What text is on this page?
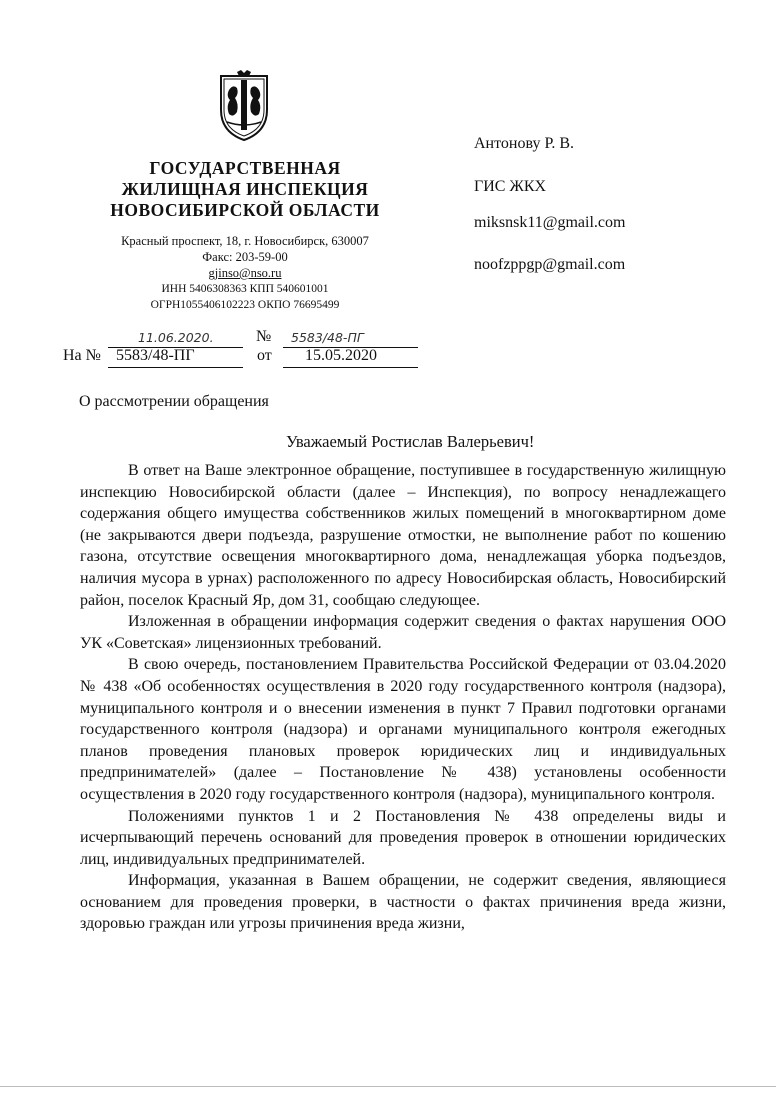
ГОСУДАРСТВЕННАЯ
ЖИЛИЩНАЯ ИНСПЕКЦИЯ
НОВОСИБИРСКОЙ ОБЛАСТИ
Красный проспект, 18, г. Новосибирск, 630007
Факс: 203-59-00
gjinso@nso.ru
ИНН 5406308363 КПП 540601001
ОГРН1055406102223 ОКПО 76695499
Антонову Р. В.
ГИС ЖКХ
miksnsk11@gmail.com
noofzppgp@gmail.com
11.06.2020.	№ 5583/48-ПГ
На № 5583/48-ПГ	от 15.05.2020
О рассмотрении обращения
Уважаемый Ростислав Валерьевич!

В ответ на Ваше электронное обращение, поступившее в государственную жилищную инспекцию Новосибирской области (далее – Инспекция), по вопросу ненадлежащего содержания общего имущества собственников жилых помещений в многоквартирном доме (не закрываются двери подъезда, разрушение отмостки, не выполнение работ по кошению газона, отсутствие освещения многоквартирного дома, ненадлежащая уборка подъездов, наличия мусора в урнах) расположенного по адресу Новосибирская область, Новосибирский район, поселок Красный Яр, дом 31, сообщаю следующее.

Изложенная в обращении информация содержит сведения о фактах нарушения ООО УК «Советская» лицензионных требований.

В свою очередь, постановлением Правительства Российской Федерации от 03.04.2020 № 438 «Об особенностях осуществления в 2020 году государственного контроля (надзора), муниципального контроля и о внесении изменения в пункт 7 Правил подготовки органами государственного контроля (надзора) и органами муниципального контроля ежегодных планов проведения плановых проверок юридических лиц и индивидуальных предпринимателей» (далее – Постановление № 438) установлены особенности осуществления в 2020 году государственного контроля (надзора), муниципального контроля.

Положениями пунктов 1 и 2 Постановления № 438 определены виды и исчерпывающий перечень оснований для проведения проверок в отношении юридических лиц, индивидуальных предпринимателей.

Информация, указанная в Вашем обращении, не содержит сведения, являющиеся основанием для проведения проверки, в частности о фактах причинения вреда жизни, здоровью граждан или угрозы причинения вреда жизни,
